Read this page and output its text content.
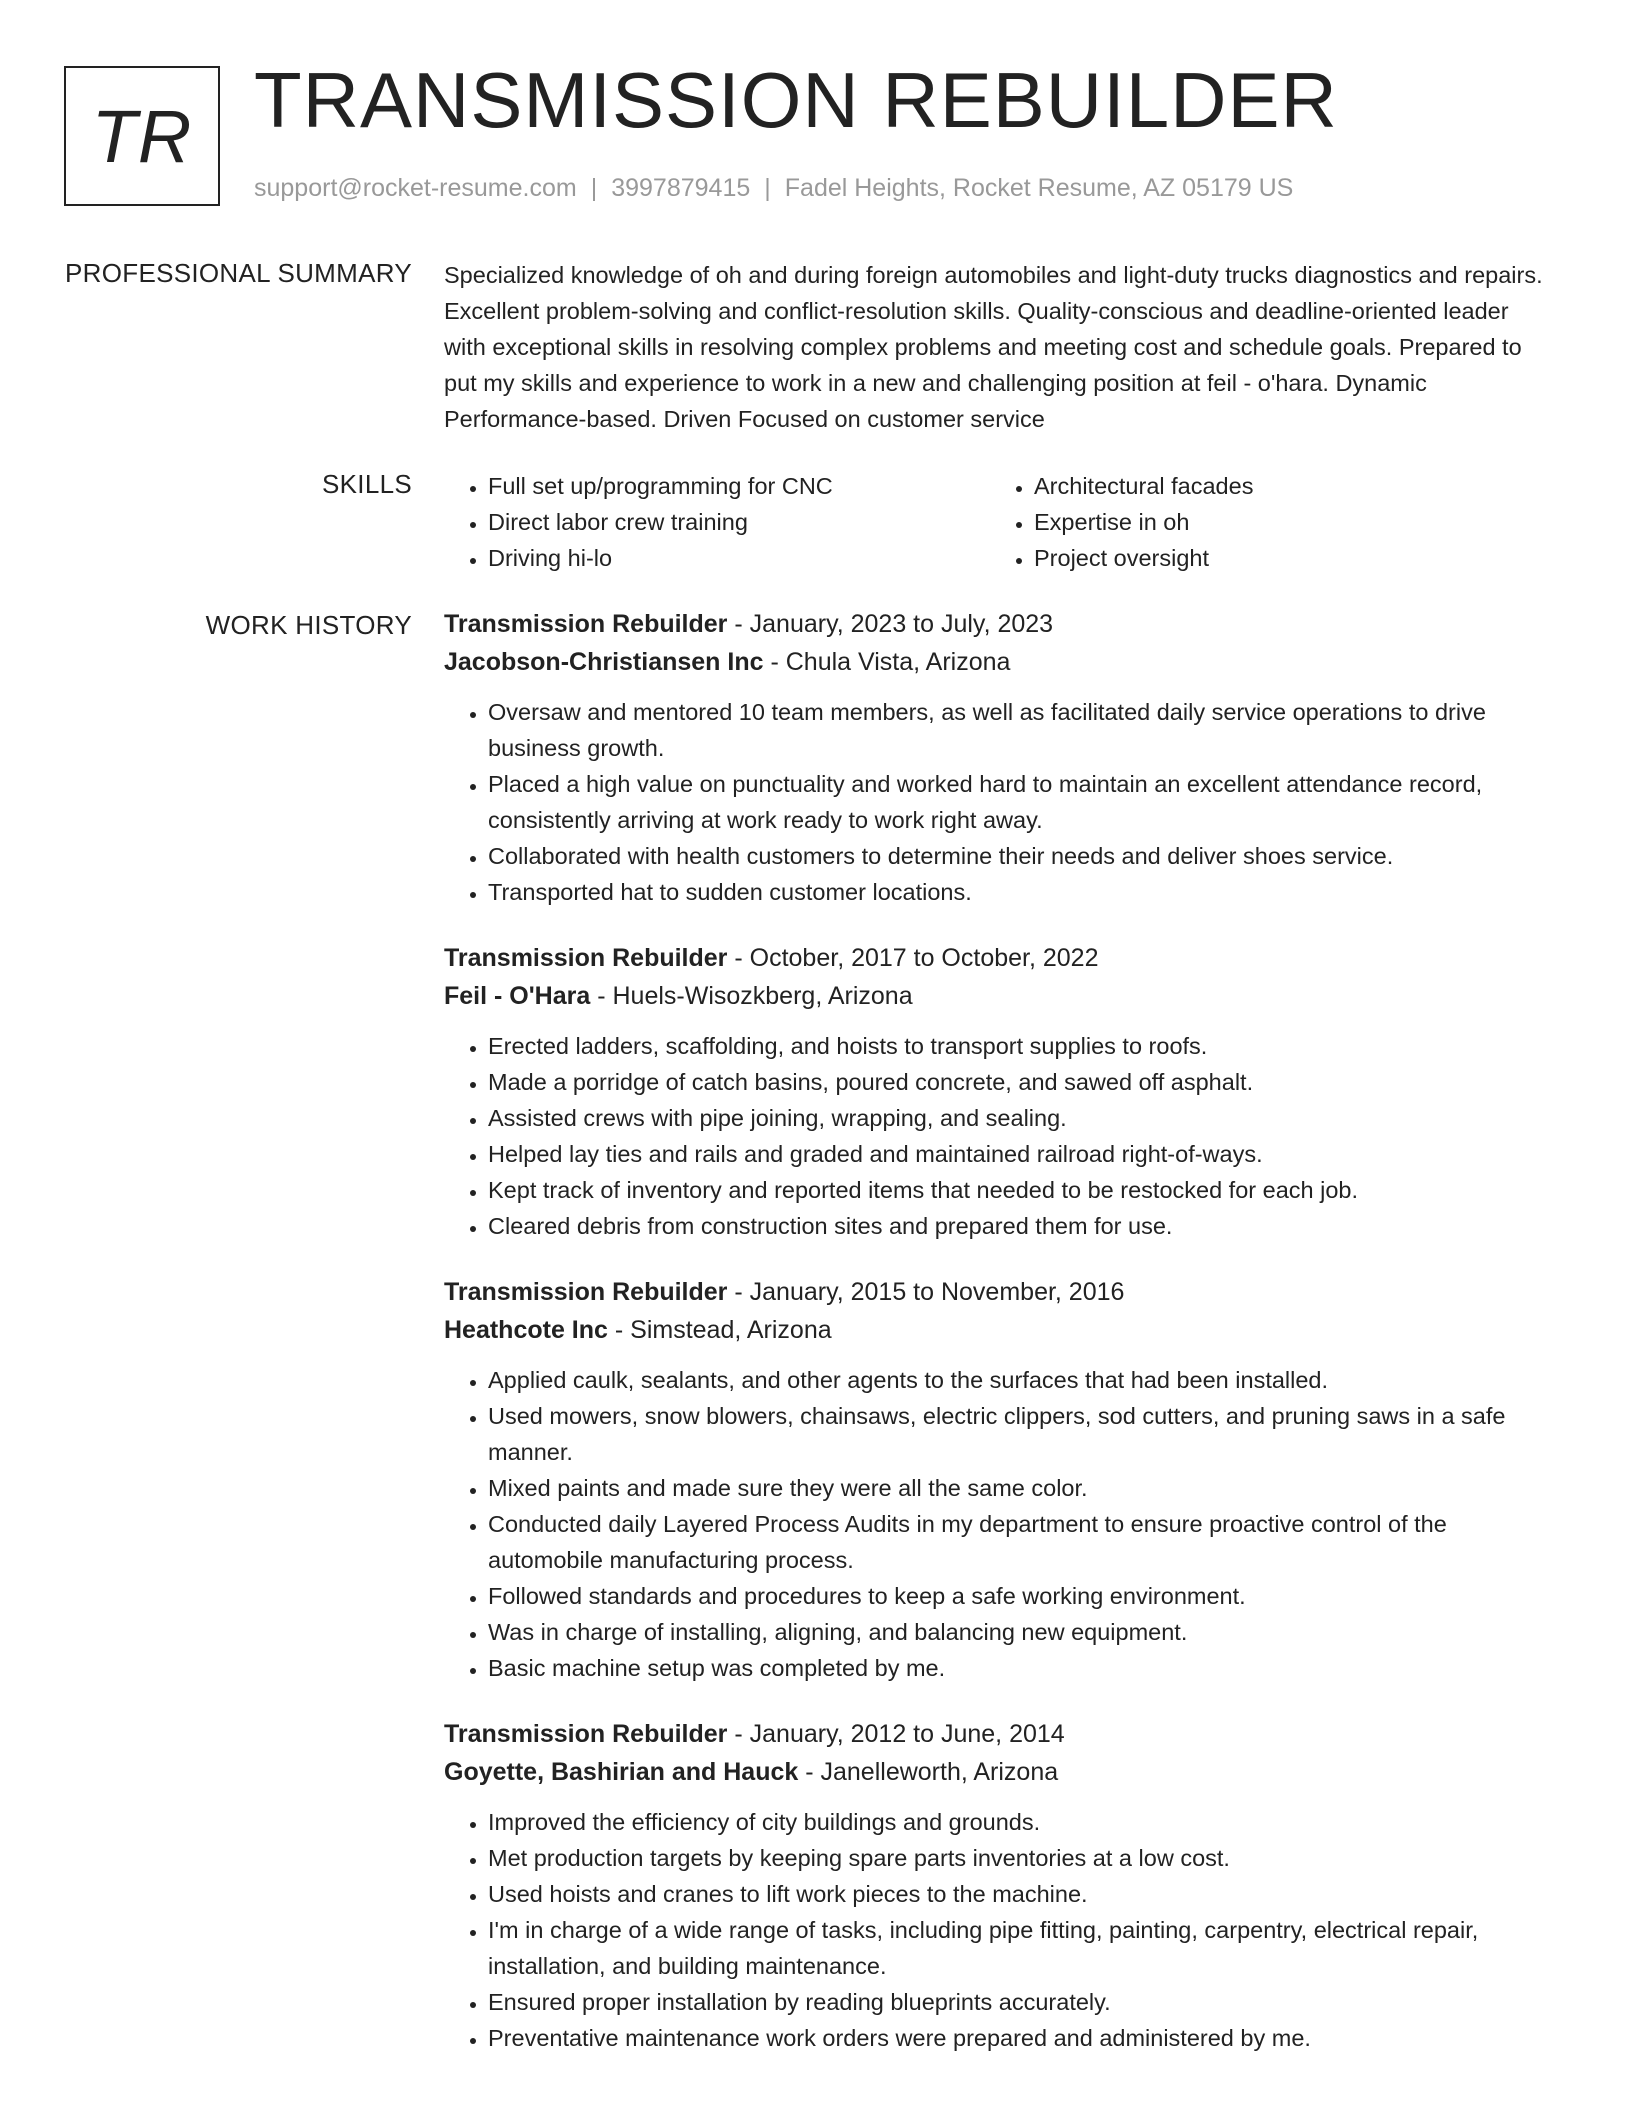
TR TRANSMISSION REBUILDER
support@rocket-resume.com | 3997879415 | Fadel Heights, Rocket Resume, AZ 05179 US
PROFESSIONAL SUMMARY Specialized knowledge of oh and during foreign automobiles and light-duty trucks diagnostics and repairs. Excellent problem-solving and conflict-resolution skills. Quality-conscious and deadline-oriented leader with exceptional skills in resolving complex problems and meeting cost and schedule goals. Prepared to put my skills and experience to work in a new and challenging position at feil - o'hara. Dynamic Performance-based. Driven Focused on customer service

SKILLS
•	Full set up/programming for CNC
• Direct labor crew training
• Driving hi-lo
• Architectural facades
• Expertise in oh
• Project oversight
WORK HISTORY Transmission Rebuilder - January, 2023 to July, 2023
Jacobson-Christiansen Inc - Chula Vista, Arizona
• Oversaw and mentored 10 team members, as well as facilitated daily service operations to drive business growth.
• Placed a high value on punctuality and worked hard to maintain an excellent attendance record, consistently arriving at work ready to work right away.
• Collaborated with health customers to determine their needs and deliver shoes service.
• Transported hat to sudden customer locations.
Transmission Rebuilder - October, 2017 to October, 2022
Feil - O'Hara - Huels-Wisozkberg, Arizona
• Erected ladders, scaffolding, and hoists to transport supplies to roofs.
• Made a porridge of catch basins, poured concrete, and sawed off asphalt.
• Assisted crews with pipe joining, wrapping, and sealing.
• Helped lay ties and rails and graded and maintained railroad right-of-ways.
• Kept track of inventory and reported items that needed to be restocked for each job.
• Cleared debris from construction sites and prepared them for use.
Transmission Rebuilder - January, 2015 to November, 2016
Heathcote Inc - Simstead, Arizona
• Applied caulk, sealants, and other agents to the surfaces that had been installed.
• Used mowers, snow blowers, chainsaws, electric clippers, sod cutters, and pruning saws in a safe manner.
• Mixed paints and made sure they were all the same color.
• Conducted daily Layered Process Audits in my department to ensure proactive control of the automobile manufacturing process.
• Followed standards and procedures to keep a safe working environment.
• Was in charge of installing, aligning, and balancing new equipment.
• Basic machine setup was completed by me.
Transmission Rebuilder - January, 2012 to June, 2014
Goyette, Bashirian and Hauck - Janelleworth, Arizona
• Improved the efficiency of city buildings and grounds.
• Met production targets by keeping spare parts inventories at a low cost.
• Used hoists and cranes to lift work pieces to the machine.
• I'm in charge of a wide range of tasks, including pipe fitting, painting, carpentry, electrical repair, installation, and building maintenance.
• Ensured proper installation by reading blueprints accurately.
• Preventative maintenance work orders were prepared and administered by me.
